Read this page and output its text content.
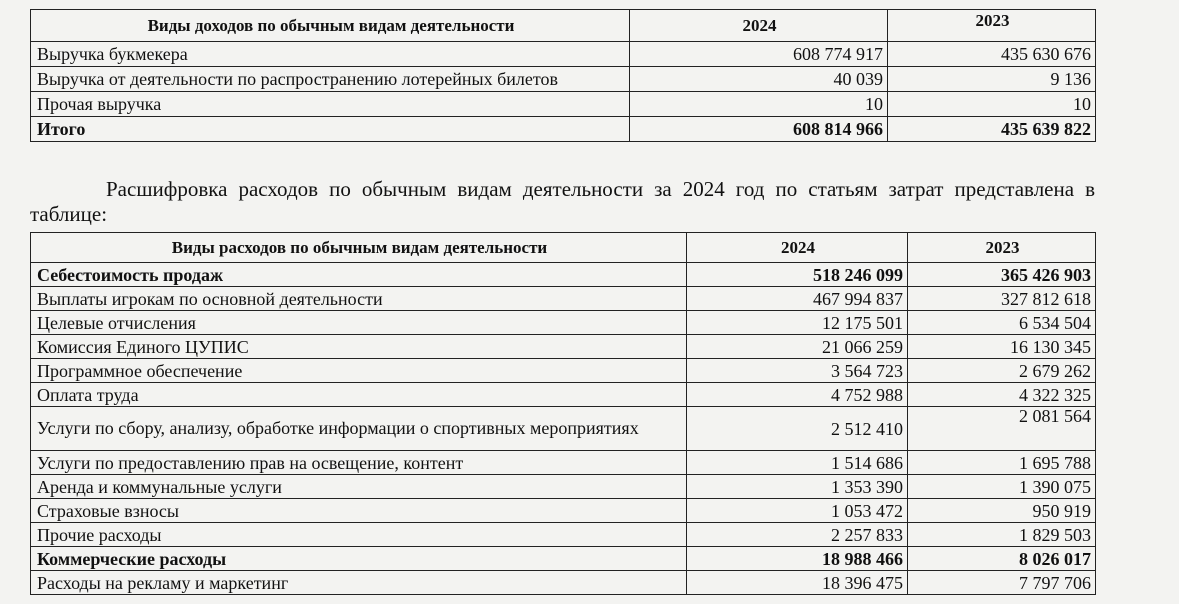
Виды доходов по обычным видам деятельности	2024	2023
Выручка букмекера	608 774 917	435 630 676
Выручка от деятельности по распространению лотерейных билетов	40 039	9 136
Прочая выручка	10	10
Итого	608 814 966	435 639 822

Расшифровка расходов по обычным видам деятельности за 2024 год по статьям затрат представлена в таблице:

Виды расходов по обычным видам деятельности	2024	2023
Себестоимость продаж	518 246 099	365 426 903
Выплаты игрокам по основной деятельности	467 994 837	327 812 618
Целевые отчисления	12 175 501	6 534 504
Комиссия Единого ЦУПИС	21 066 259	16 130 345
Программное обеспечение	3 564 723	2 679 262
Оплата труда	4 752 988	4 322 325
Услуги по сбору, анализу, обработке информации о спортивных мероприятиях	2 512 410	2 081 564
Услуги по предоставлению прав на освещение, контент	1 514 686	1 695 788
Аренда и коммунальные услуги	1 353 390	1 390 075
Страховые взносы	1 053 472	950 919
Прочие расходы	2 257 833	1 829 503
Коммерческие расходы	18 988 466	8 026 017
Расходы на рекламу и маркетинг	18 396 475	7 797 706
